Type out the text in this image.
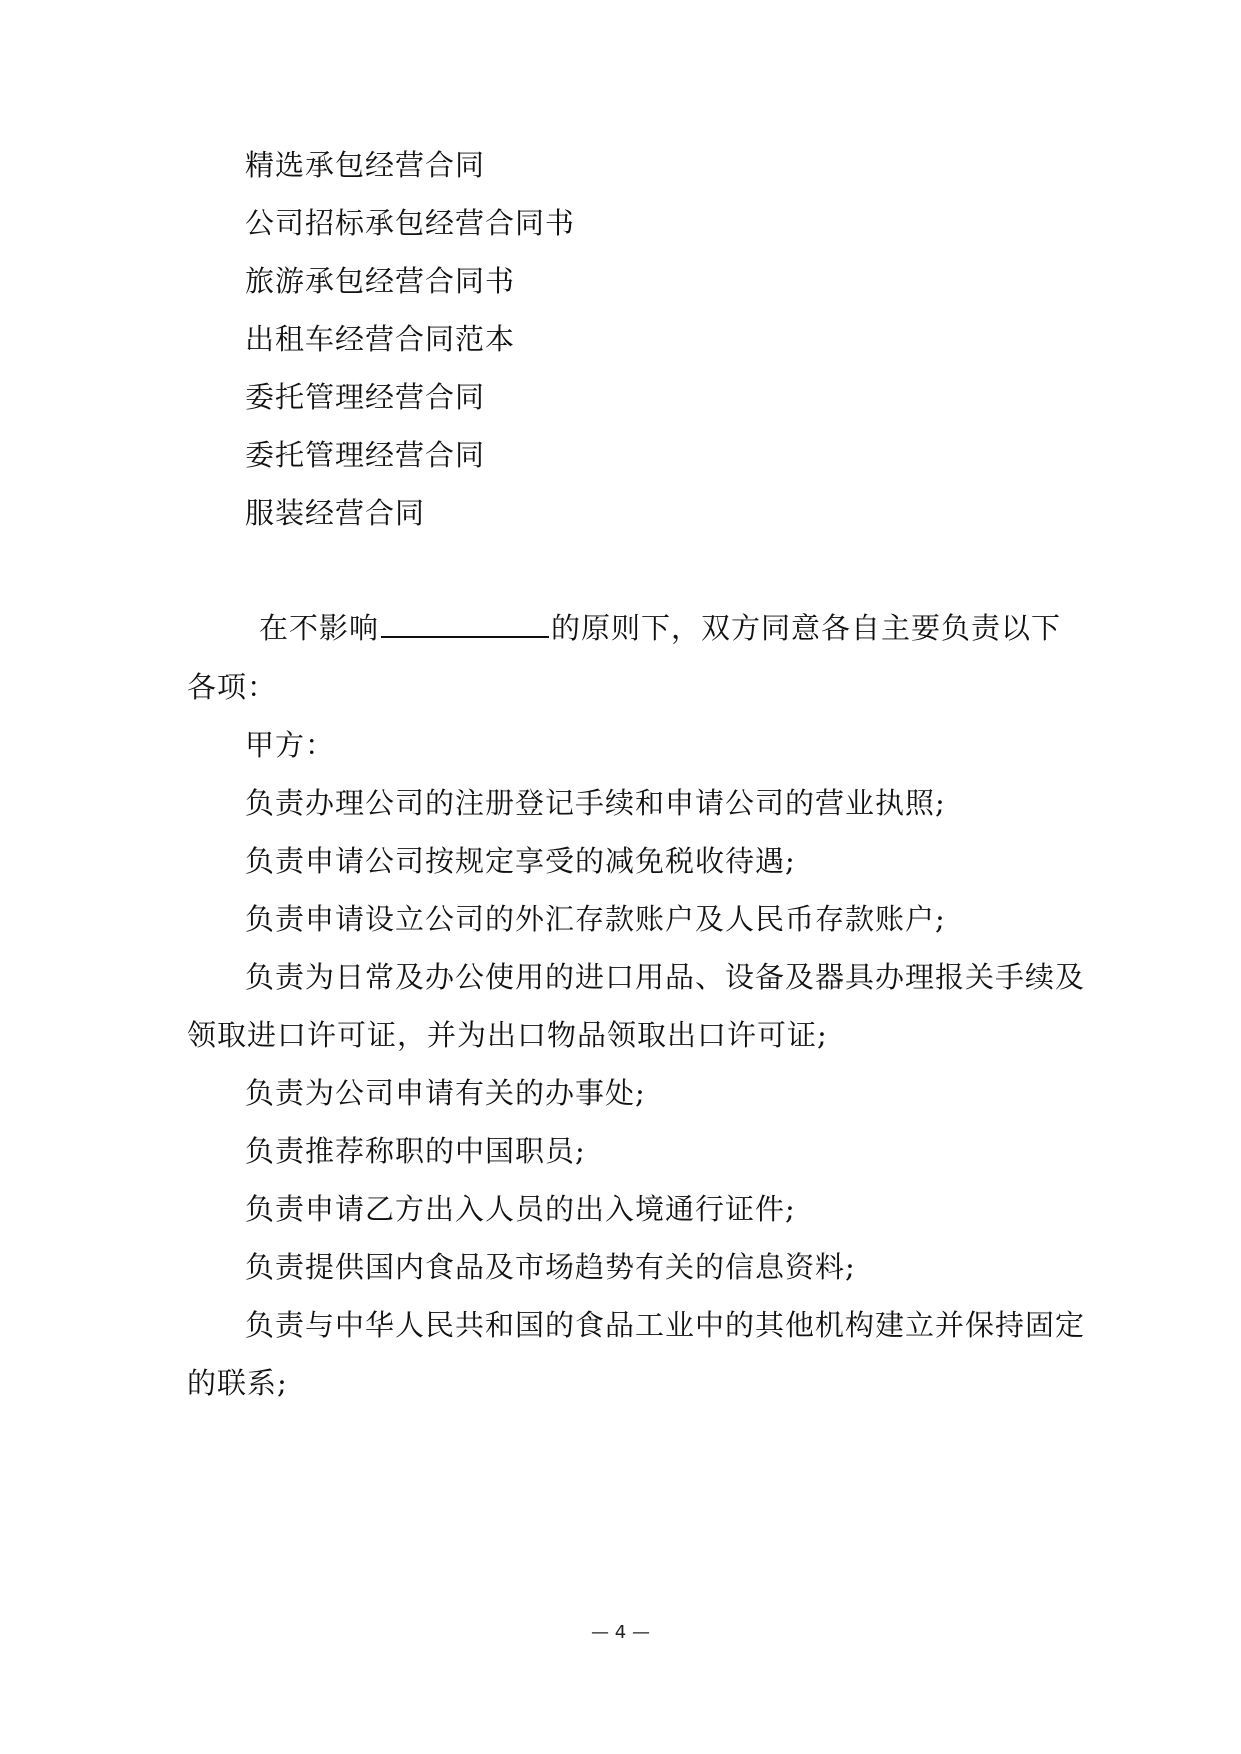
精选承包经营合同
公司招标承包经营合同书
旅游承包经营合同书
出租车经营合同范本
委托管理经营合同
委托管理经营合同
服装经营合同
在不影响	的原则下，双方同意各自主要负责以下
各项：
甲方：
负责办理公司的注册登记手续和申请公司的营业执照;
负责申请公司按规定享受的减免税收待遇;
负责申请设立公司的外汇存款账户及人民币存款账户;
负责为日常及办公使用的进口用品、设备及器具办理报关手续及
领取进口许可证，并为出口物品领取出口许可证;
负责为公司申请有关的办事处;
负责推荐称职的中国职员;
负责申请乙方出入人员的出入境通行证件;
负责提供国内食品及市场趋势有关的信息资料;
负责与中华人民共和国的食品工业中的其他机构建立并保持固定
的联系;
— 4 —
